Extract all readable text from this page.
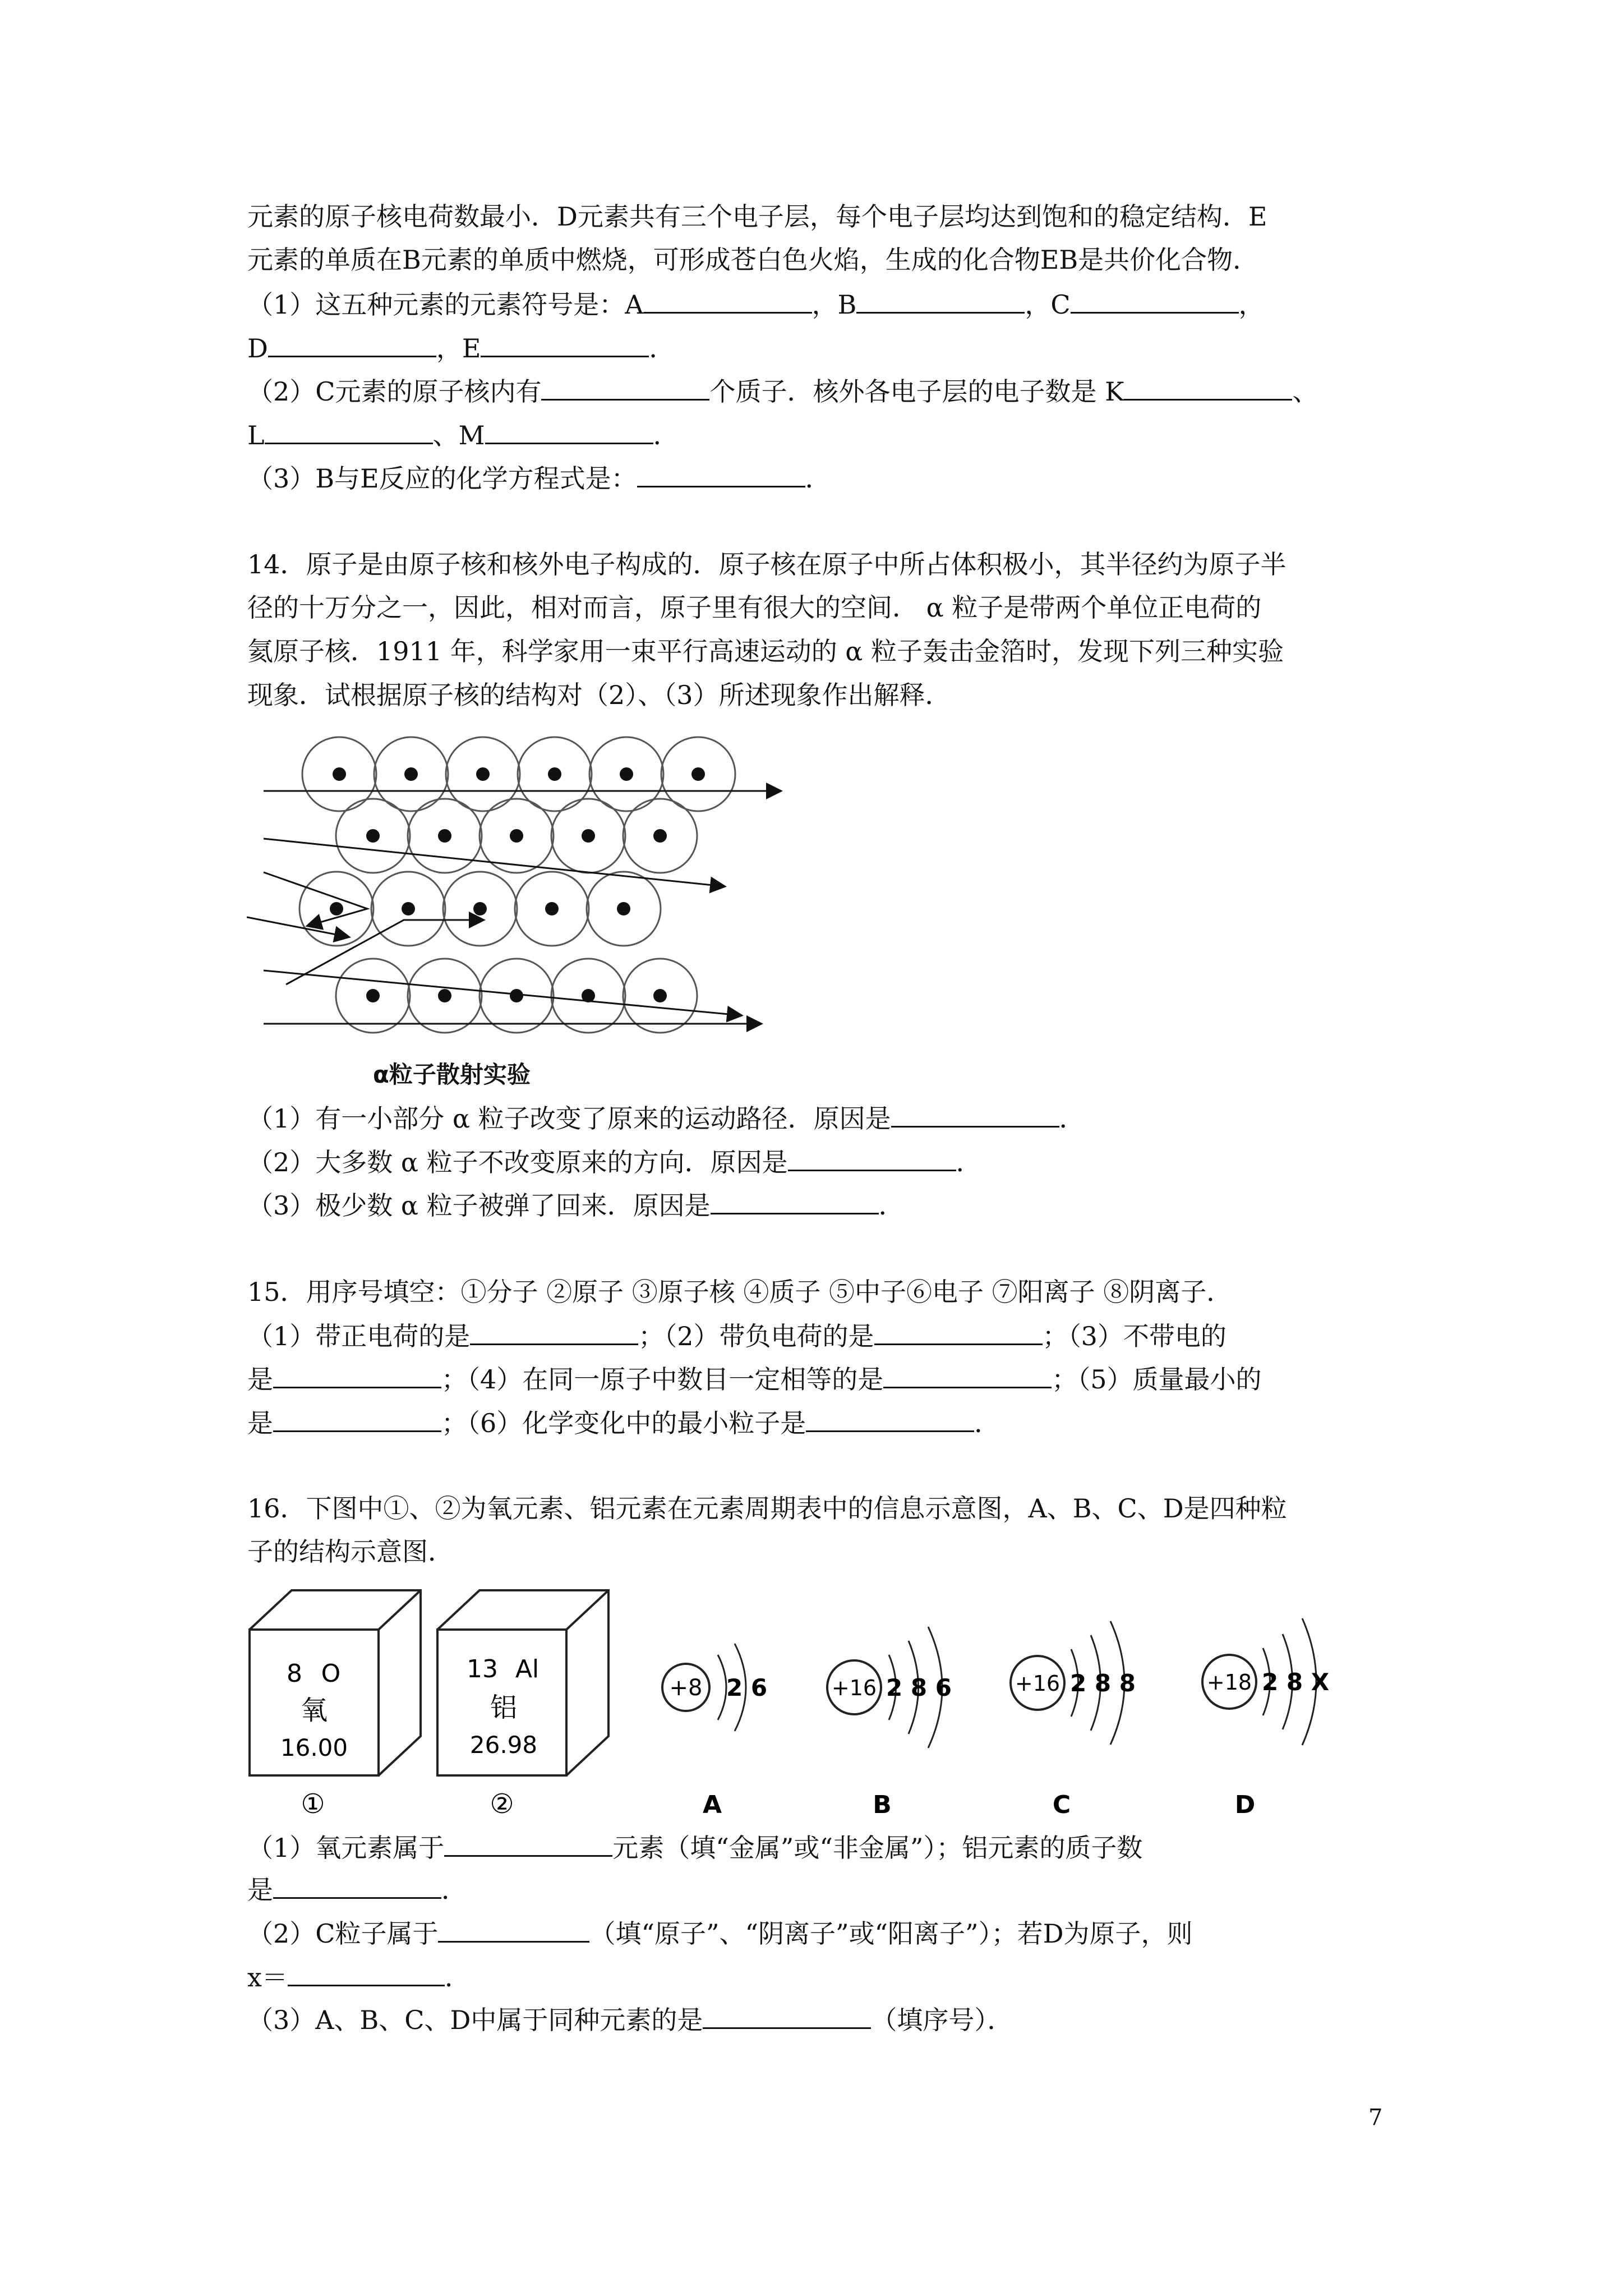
元素的原子核电荷数最小．D元素共有三个电子层，每个电子层均达到饱和的稳定结构．E
元素的单质在B元素的单质中燃烧，可形成苍白色火焰，生成的化合物EB是共价化合物．
（1）这五种元素的元素符号是：A	，B	，C	，
D	，E	．
（2）C元素的原子核内有	个质子．核外各电子层的电子数是 K	、
L	、M	．
（3）B与E反应的化学方程式是：	．
14．原子是由原子核和核外电子构成的．原子核在原子中所占体积极小，其半径约为原子半
径的十万分之一，因此，相对而言，原子里有很大的空间． α 粒子是带两个单位正电荷的
氦原子核．1911 年，科学家用一束平行高速运动的 α 粒子轰击金箔时，发现下列三种实验
现象．试根据原子核的结构对（2）、（3）所述现象作出解释．
α粒子散射实验
（1）有一小部分 α 粒子改变了原来的运动路径．原因是	．
（2）大多数 α 粒子不改变原来的方向．原因是	．
（3）极少数 α 粒子被弹了回来．原因是	．
15．用序号填空：①分子 ②原子 ③原子核 ④质子 ⑤中子⑥电子 ⑦阳离子 ⑧阴离子．
（1）带正电荷的是	；（2）带负电荷的是	；（3）不带电的
是	；（4）在同一原子中数目一定相等的是	；（5）质量最小的
是	；（6）化学变化中的最小粒子是	．
16．下图中①、②为氧元素、铝元素在元素周期表中的信息示意图，A、B、C、D是四种粒
子的结构示意图．
8 O
氧
16.00
①
13 Al
铝
26.98
②
+8 2 6
A
+16 2 8 6
B
+16 2 8 8
C
+18 2 8 X
D
（1）氧元素属于	元素（填“金属”或“非金属”）；铝元素的质子数
是	．
（2）C粒子属于	（填“原子”、“阴离子”或“阳离子”）；若D为原子，则
x＝	．
（3）A、B、C、D中属于同种元素的是	（填序号）．
7
